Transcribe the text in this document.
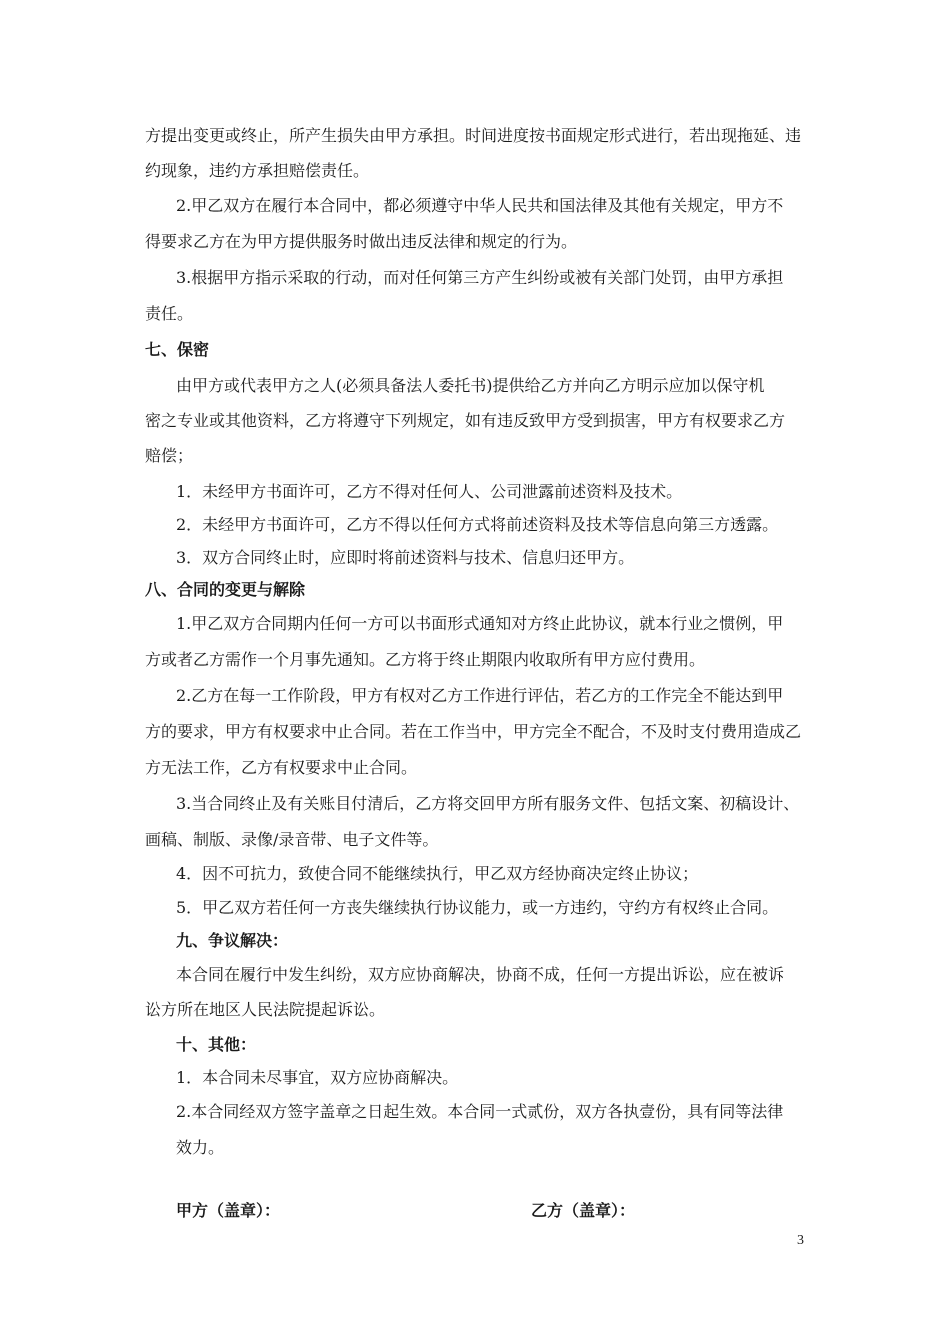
方提出变更或终止，所产生损失由甲方承担。时间进度按书面规定形式进行，若出现拖延、违
约现象，违约方承担赔偿责任。
2.甲乙双方在履行本合同中，都必须遵守中华人民共和国法律及其他有关规定，甲方不
得要求乙方在为甲方提供服务时做出违反法律和规定的行为。
3.根据甲方指示采取的行动，而对任何第三方产生纠纷或被有关部门处罚，由甲方承担
责任。
七、保密
由甲方或代表甲方之人(必须具备法人委托书)提供给乙方并向乙方明示应加以保守机
密之专业或其他资料，乙方将遵守下列规定，如有违反致甲方受到损害，甲方有权要求乙方
赔偿；
1．未经甲方书面许可，乙方不得对任何人、公司泄露前述资料及技术。
2．未经甲方书面许可，乙方不得以任何方式将前述资料及技术等信息向第三方透露。
3．双方合同终止时，应即时将前述资料与技术、信息归还甲方。
八、合同的变更与解除
1.甲乙双方合同期内任何一方可以书面形式通知对方终止此协议，就本行业之惯例，甲
方或者乙方需作一个月事先通知。乙方将于终止期限内收取所有甲方应付费用。
2.乙方在每一工作阶段，甲方有权对乙方工作进行评估，若乙方的工作完全不能达到甲
方的要求，甲方有权要求中止合同。若在工作当中，甲方完全不配合，不及时支付费用造成乙
方无法工作，乙方有权要求中止合同。
3.当合同终止及有关账目付清后，乙方将交回甲方所有服务文件、包括文案、初稿设计、
画稿、制版、录像/录音带、电子文件等。
4．因不可抗力，致使合同不能继续执行，甲乙双方经协商决定终止协议；
5．甲乙双方若任何一方丧失继续执行协议能力，或一方违约，守约方有权终止合同。
九、争议解决：
本合同在履行中发生纠纷，双方应协商解决，协商不成，任何一方提出诉讼，应在被诉
讼方所在地区人民法院提起诉讼。
十、其他：
1．本合同未尽事宜，双方应协商解决。
2.本合同经双方签字盖章之日起生效。本合同一式贰份，双方各执壹份，具有同等法律
效力。
甲方（盖章）：	乙方（盖章）：
3
